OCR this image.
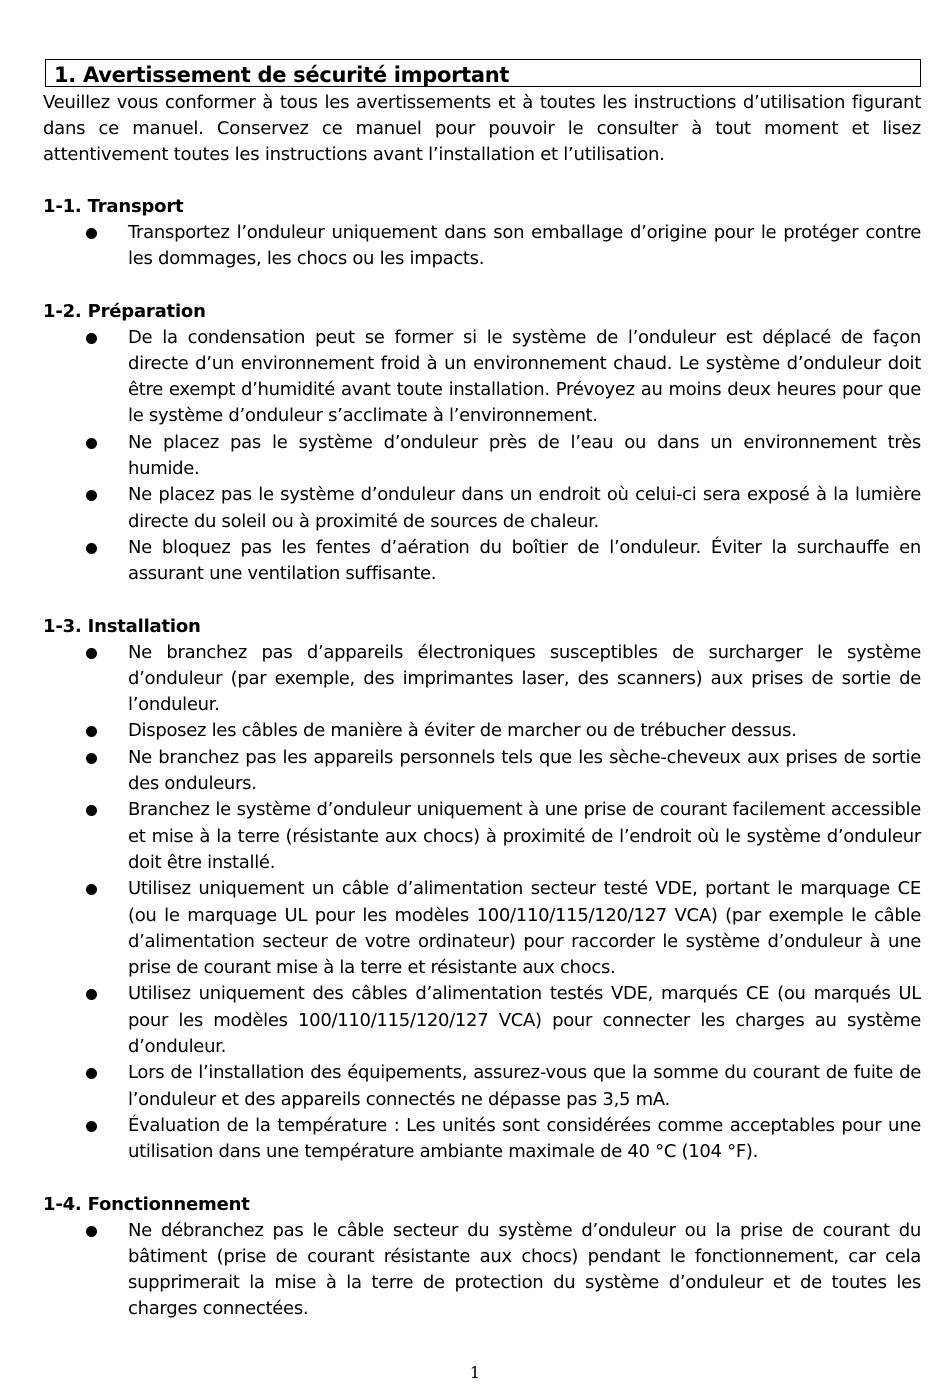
1. Avertissement de sécurité important

Veuillez vous conformer à tous les avertissements et à toutes les instructions d’utilisation figurant dans ce manuel. Conservez ce manuel pour pouvoir le consulter à tout moment et lisez attentivement toutes les instructions avant l’installation et l’utilisation.

1-1. Transport
Transportez l’onduleur uniquement dans son emballage d’origine pour le protéger contre les dommages, les chocs ou les impacts.
1-2. Préparation
De la condensation peut se former si le système de l’onduleur est déplacé de façon directe d’un environnement froid à un environnement chaud. Le système d’onduleur doit être exempt d’humidité avant toute installation. Prévoyez au moins deux heures pour que le système d’onduleur s’acclimate à l’environnement.
Ne placez pas le système d’onduleur près de l’eau ou dans un environnement très humide.
Ne placez pas le système d’onduleur dans un endroit où celui-ci sera exposé à la lumière directe du soleil ou à proximité de sources de chaleur.
Ne bloquez pas les fentes d’aération du boîtier de l’onduleur. Éviter la surchauffe en assurant une ventilation suffisante.
1-3. Installation
Ne branchez pas d’appareils électroniques susceptibles de surcharger le système d’onduleur (par exemple, des imprimantes laser, des scanners) aux prises de sortie de l’onduleur.
Disposez les câbles de manière à éviter de marcher ou de trébucher dessus.
Ne branchez pas les appareils personnels tels que les sèche-cheveux aux prises de sortie des onduleurs.
Branchez le système d’onduleur uniquement à une prise de courant facilement accessible et mise à la terre (résistante aux chocs) à proximité de l’endroit où le système d’onduleur doit être installé.
Utilisez uniquement un câble d’alimentation secteur testé VDE, portant le marquage CE (ou le marquage UL pour les modèles 100/110/115/120/127 VCA) (par exemple le câble d’alimentation secteur de votre ordinateur) pour raccorder le système d’onduleur à une prise de courant mise à la terre et résistante aux chocs.
Utilisez uniquement des câbles d’alimentation testés VDE, marqués CE (ou marqués UL pour les modèles 100/110/115/120/127 VCA) pour connecter les charges au système d’onduleur.
Lors de l’installation des équipements, assurez-vous que la somme du courant de fuite de l’onduleur et des appareils connectés ne dépasse pas 3,5 mA.
Évaluation de la température : Les unités sont considérées comme acceptables pour une utilisation dans une température ambiante maximale de 40 °C (104 °F).
1-4. Fonctionnement
Ne débranchez pas le câble secteur du système d’onduleur ou la prise de courant du bâtiment (prise de courant résistante aux chocs) pendant le fonctionnement, car cela supprimerait la mise à la terre de protection du système d’onduleur et de toutes les charges connectées.
1
